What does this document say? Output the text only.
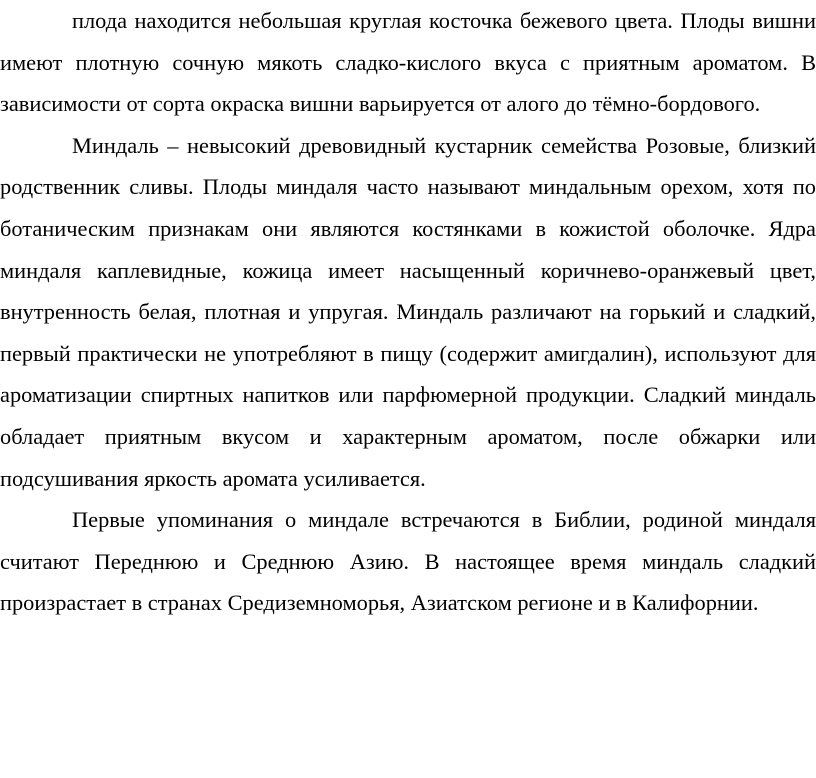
плода находится небольшая круглая косточка бежевого цвета. Плоды вишни имеют плотную сочную мякоть сладко-кислого вкуса с приятным ароматом. В зависимости от сорта окраска вишни варьируется от алого до тёмно-бордового.

Миндаль – невысокий древовидный кустарник семейства Розовые, близкий родственник сливы. Плоды миндаля часто называют миндальным орехом, хотя по ботаническим признакам они являются костянками в кожистой оболочке. Ядра миндаля каплевидные, кожица имеет насыщенный коричнево-оранжевый цвет, внутренность белая, плотная и упругая. Миндаль различают на горький и сладкий, первый практически не употребляют в пищу (содержит амигдалин), используют для ароматизации спиртных напитков или парфюмерной продукции. Сладкий миндаль обладает приятным вкусом и характерным ароматом, после обжарки или подсушивания яркость аромата усиливается.

Первые упоминания о миндале встречаются в Библии, родиной миндаля считают Переднюю и Среднюю Азию. В настоящее время миндаль сладкий произрастает в странах Средиземноморья, Азиатском регионе и в Калифорнии.
